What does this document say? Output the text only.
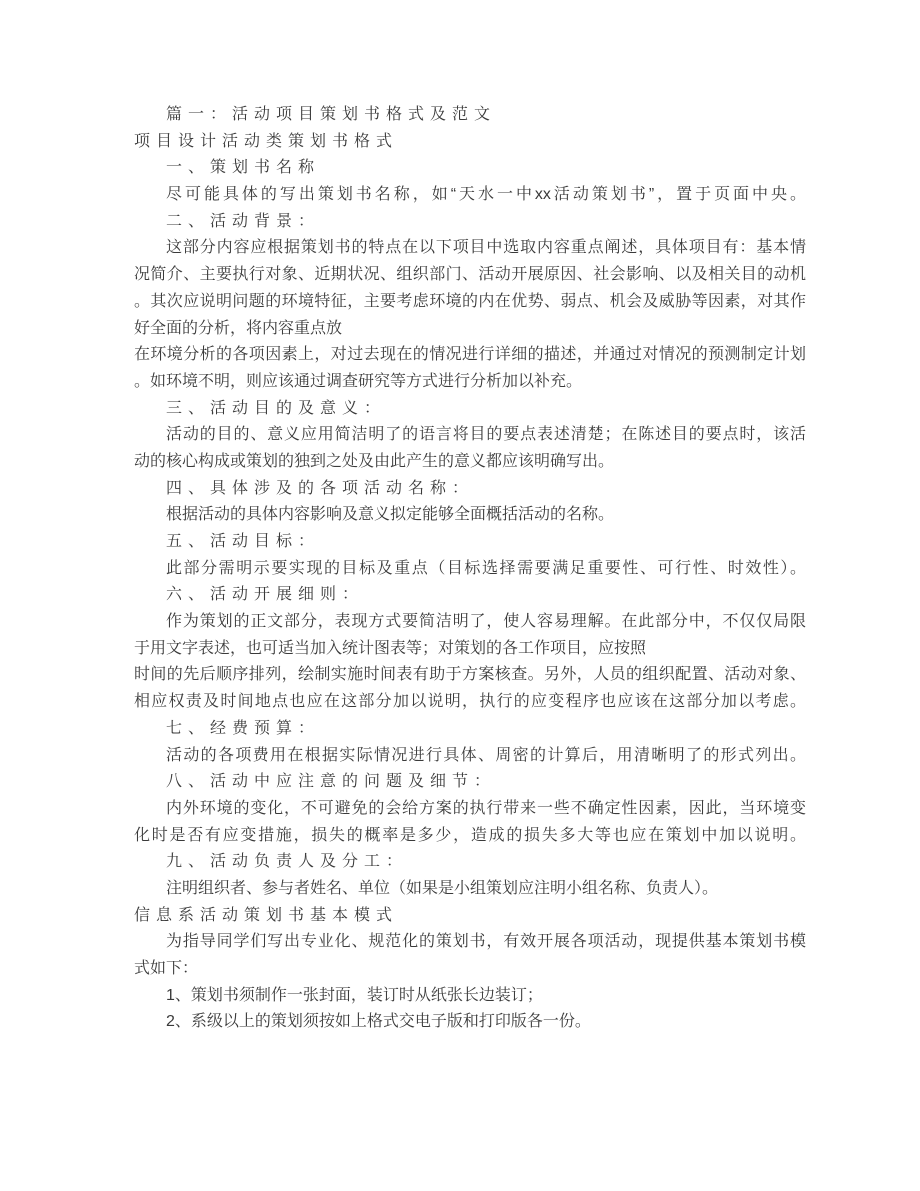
篇一：活动项目策划书格式及范文
项目设计活动类策划书格式
一、策划书名称
尽可能具体的写出策划书名称，如“天水一中xx活动策划书”，置于页面中央。
二、活动背景：
这部分内容应根据策划书的特点在以下项目中选取内容重点阐述，具体项目有：基本情
况简介、主要执行对象、近期状况、组织部门、活动开展原因、社会影响、以及相关目的动机
。其次应说明问题的环境特征，主要考虑环境的内在优势、弱点、机会及威胁等因素，对其作
好全面的分析，将内容重点放
在环境分析的各项因素上，对过去现在的情况进行详细的描述，并通过对情况的预测制定计划
。如环境不明，则应该通过调查研究等方式进行分析加以补充。
三、活动目的及意义：
活动的目的、意义应用简洁明了的语言将目的要点表述清楚；在陈述目的要点时，该活
动的核心构成或策划的独到之处及由此产生的意义都应该明确写出。
四、具体涉及的各项活动名称：
根据活动的具体内容影响及意义拟定能够全面概括活动的名称。
五、活动目标：
此部分需明示要实现的目标及重点（目标选择需要满足重要性、可行性、时效性）。
六、活动开展细则：
作为策划的正文部分，表现方式要简洁明了，使人容易理解。在此部分中，不仅仅局限
于用文字表述，也可适当加入统计图表等；对策划的各工作项目，应按照
时间的先后顺序排列，绘制实施时间表有助于方案核查。另外，人员的组织配置、活动对象、
相应权责及时间地点也应在这部分加以说明，执行的应变程序也应该在这部分加以考虑。
七、经费预算：
活动的各项费用在根据实际情况进行具体、周密的计算后，用清晰明了的形式列出。
八、活动中应注意的问题及细节：
内外环境的变化，不可避免的会给方案的执行带来一些不确定性因素，因此，当环境变
化时是否有应变措施，损失的概率是多少，造成的损失多大等也应在策划中加以说明。
九、活动负责人及分工：
注明组织者、参与者姓名、单位（如果是小组策划应注明小组名称、负责人）。
信息系活动策划书基本模式
为指导同学们写出专业化、规范化的策划书，有效开展各项活动，现提供基本策划书模
式如下：
1、策划书须制作一张封面，装订时从纸张长边装订；
2、系级以上的策划须按如上格式交电子版和打印版各一份。
